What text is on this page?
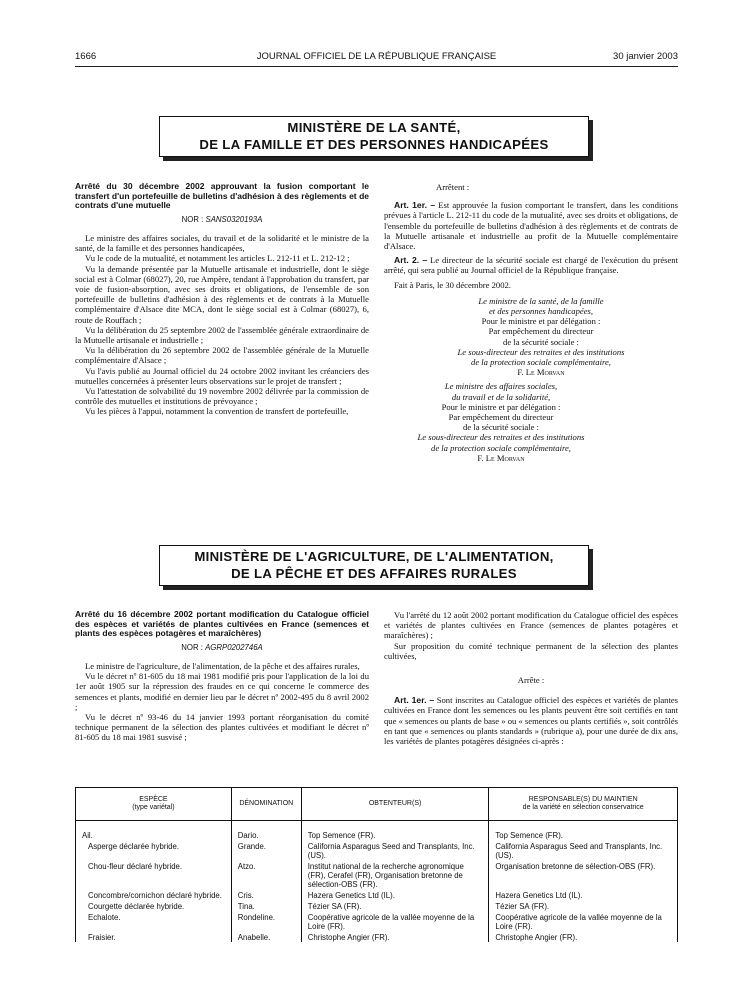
1666	JOURNAL OFFICIEL DE LA RÉPUBLIQUE FRANÇAISE	30 janvier 2003
MINISTÈRE DE LA SANTÉ,
DE LA FAMILLE ET DES PERSONNES HANDICAPÉES

Arrêté du 30 décembre 2002 approuvant la fusion comportant le transfert d'un portefeuille de bulletins d'adhésion à des règlements et de contrats d'une mutuelle

NOR : SANS0320193A

Le ministre des affaires sociales, du travail et de la solidarité et le ministre de la santé, de la famille et des personnes handicapées,

Vu le code de la mutualité, et notamment les articles L. 212-11 et L. 212-12 ;

Vu la demande présentée par la Mutuelle artisanale et industrielle, dont le siège social est à Colmar (68027), 20, rue Ampère, tendant à l'approbation du transfert, par voie de fusion-absorption, avec ses droits et obligations, de l'ensemble de son portefeuille de bulletins d'adhésion à des règlements et de contrats à la Mutuelle complémentaire d'Alsace dite MCA, dont le siège social est à Colmar (68027), 6, route de Rouffach ;

Vu la délibération du 25 septembre 2002 de l'assemblée générale extraordinaire de la Mutuelle artisanale et industrielle ;

Vu la délibération du 26 septembre 2002 de l'assemblée générale de la Mutuelle complémentaire d'Alsace ;

Vu l'avis publié au Journal officiel du 24 octobre 2002 invitant les créanciers des mutuelles concernées à présenter leurs observations sur le projet de transfert ;

Vu l'attestation de solvabilité du 19 novembre 2002 délivrée par la commission de contrôle des mutuelles et institutions de prévoyance ;

Vu les pièces à l'appui, notamment la convention de transfert de portefeuille,

Arrêtent :

Art. 1er. – Est approuvée la fusion comportant le transfert, dans les conditions prévues à l'article L. 212-11 du code de la mutualité, avec ses droits et obligations, de l'ensemble du portefeuille de bulletins d'adhésion à des règlements et de contrats de la Mutuelle artisanale et industrielle au profit de la Mutuelle complémentaire d'Alsace.

Art. 2. – Le directeur de la sécurité sociale est chargé de l'exécution du présent arrêté, qui sera publié au Journal officiel de la République française.

Fait à Paris, le 30 décembre 2002.

Le ministre de la santé, de la famille

et des personnes handicapées,

Pour le ministre et par délégation :

Par empêchement du directeur

de la sécurité sociale :

Le sous-directeur des retraites et des institutions

de la protection sociale complémentaire,

F. Le Morvan

Le ministre des affaires sociales,

du travail et de la solidarité,

Pour le ministre et par délégation :

Par empêchement du directeur

de la sécurité sociale :

Le sous-directeur des retraites et des institutions

de la protection sociale complémentaire,

F. Le Morvan

MINISTÈRE DE L'AGRICULTURE, DE L'ALIMENTATION,
DE LA PÊCHE ET DES AFFAIRES RURALES

Arrêté du 16 décembre 2002 portant modification du Catalogue officiel des espèces et variétés de plantes cultivées en France (semences et plants des espèces potagères et maraîchères)

NOR : AGRP0202746A

Le ministre de l'agriculture, de l'alimentation, de la pêche et des affaires rurales,

Vu le décret nº 81-605 du 18 mai 1981 modifié pris pour l'application de la loi du 1er août 1905 sur la répression des fraudes en ce qui concerne le commerce des semences et plants, modifié en dernier lieu par le décret nº 2002-495 du 8 avril 2002 ;

Vu le décret nº 93-46 du 14 janvier 1993 portant réorganisation du comité technique permanent de la sélection des plantes cultivées et modifiant le décret nº 81-605 du 18 mai 1981 susvisé ;

Vu l'arrêté du 12 août 2002 portant modification du Catalogue officiel des espèces et variétés de plantes cultivées en France (semences de plantes potagères et maraîchères) ;

Sur proposition du comité technique permanent de la sélection des plantes cultivées,

Arrête :

Art. 1er. – Sont inscrites au Catalogue officiel des espèces et variétés de plantes cultivées en France dont les semences ou les plants peuvent être soit certifiés en tant que « semences ou plants de base » ou « semences ou plants certifiés », soit contrôlés en tant que « semences ou plants standards » (rubrique a), pour une durée de dix ans, les variétés de plantes potagères désignées ci-après :

ESPÈCE
(type variétal)	DÉNOMINATION	OBTENTEUR(S)	RESPONSABLE(S) DU MAINTIEN
de la variété en sélection conservatrice
Ail.	Dario.	Top Semence (FR).	Top Semence (FR).
Asperge déclarée hybride.	Grande.	California Asparagus Seed and Transplants, Inc. (US).	California Asparagus Seed and Transplants, Inc. (US).
Chou-fleur déclaré hybride.	Atzo.	Institut national de la recherche agronomique (FR), Cerafel (FR), Organisation bretonne de sélection-OBS (FR).	Organisation bretonne de sélection-OBS (FR).
Concombre/cornichon déclaré hybride.	Cris.	Hazera Genetics Ltd (IL).	Hazera Genetics Ltd (IL).
Courgette déclarée hybride.	Tina.	Tézier SA (FR).	Tézier SA (FR).
Echalote.	Rondeline.	Coopérative agricole de la vallée moyenne de la Loire (FR).	Coopérative agricole de la vallée moyenne de la Loire (FR).
Fraisier.	Anabelle.	Christophe Angier (FR).	Christophe Angier (FR).
